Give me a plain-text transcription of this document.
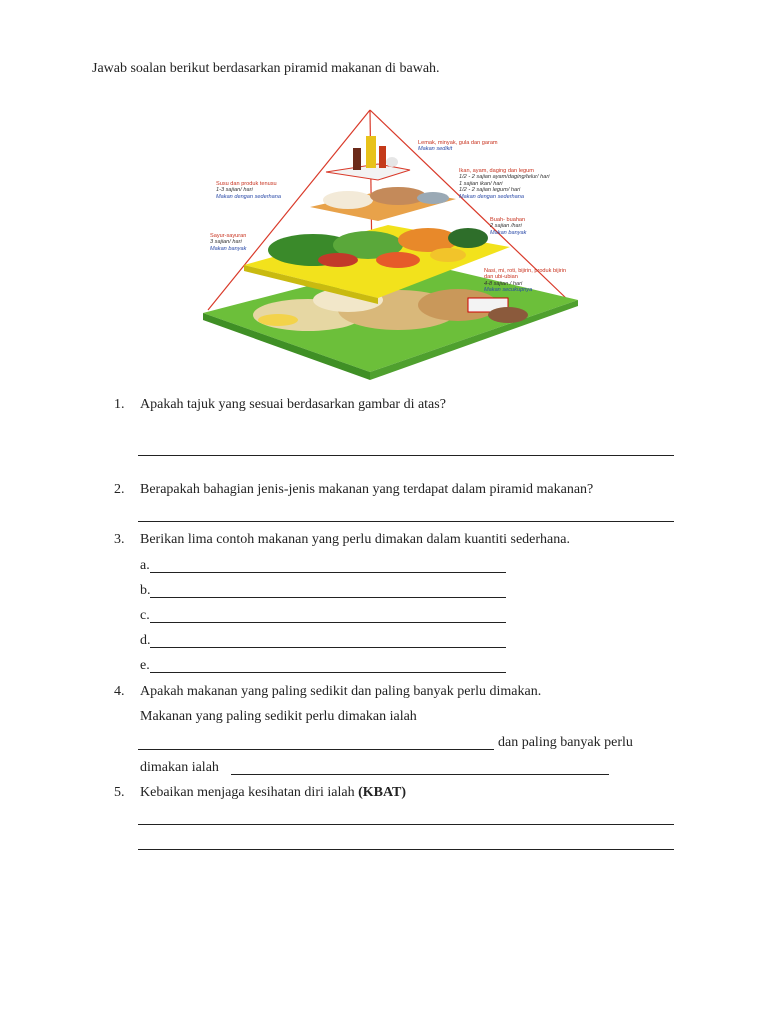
Jawab soalan berikut berdasarkan piramid makanan di bawah.
Lemak, minyak, gula dan garam
Makan sedikit
Ikan, ayam, daging dan legum
1/2 - 2 sajian ayam/daging/telur/ hari
1 sajian ikan/ hari
1/2 - 2 sajian legum/ hari
Makan dengan sederhana
Susu dan produk tenusu
1-3 sajian/ hari
Makan dengan sederhana
Buah- buahan
2 sajian /hari
Makan banyak
Sayur-sayuran
3 sajian/ hari
Makan banyak
Nasi, mi, roti, bijirin, produk bijirin dan ubi-ubian
4-8 sajian / hari
Makan secukupnya
1.	Apakah tajuk yang sesuai berdasarkan gambar di atas?
2.	Berapakah bahagian jenis-jenis makanan yang terdapat dalam piramid makanan?
3.	Berikan lima contoh makanan yang perlu dimakan dalam kuantiti sederhana.
a.
b.
c.
d.
e.
4.	Apakah makanan yang paling sedikit dan paling banyak perlu dimakan.
Makanan yang paling sedikit perlu dimakan ialah
dan paling banyak perlu
dimakan ialah
5.	Kebaikan menjaga kesihatan diri ialah (KBAT)
